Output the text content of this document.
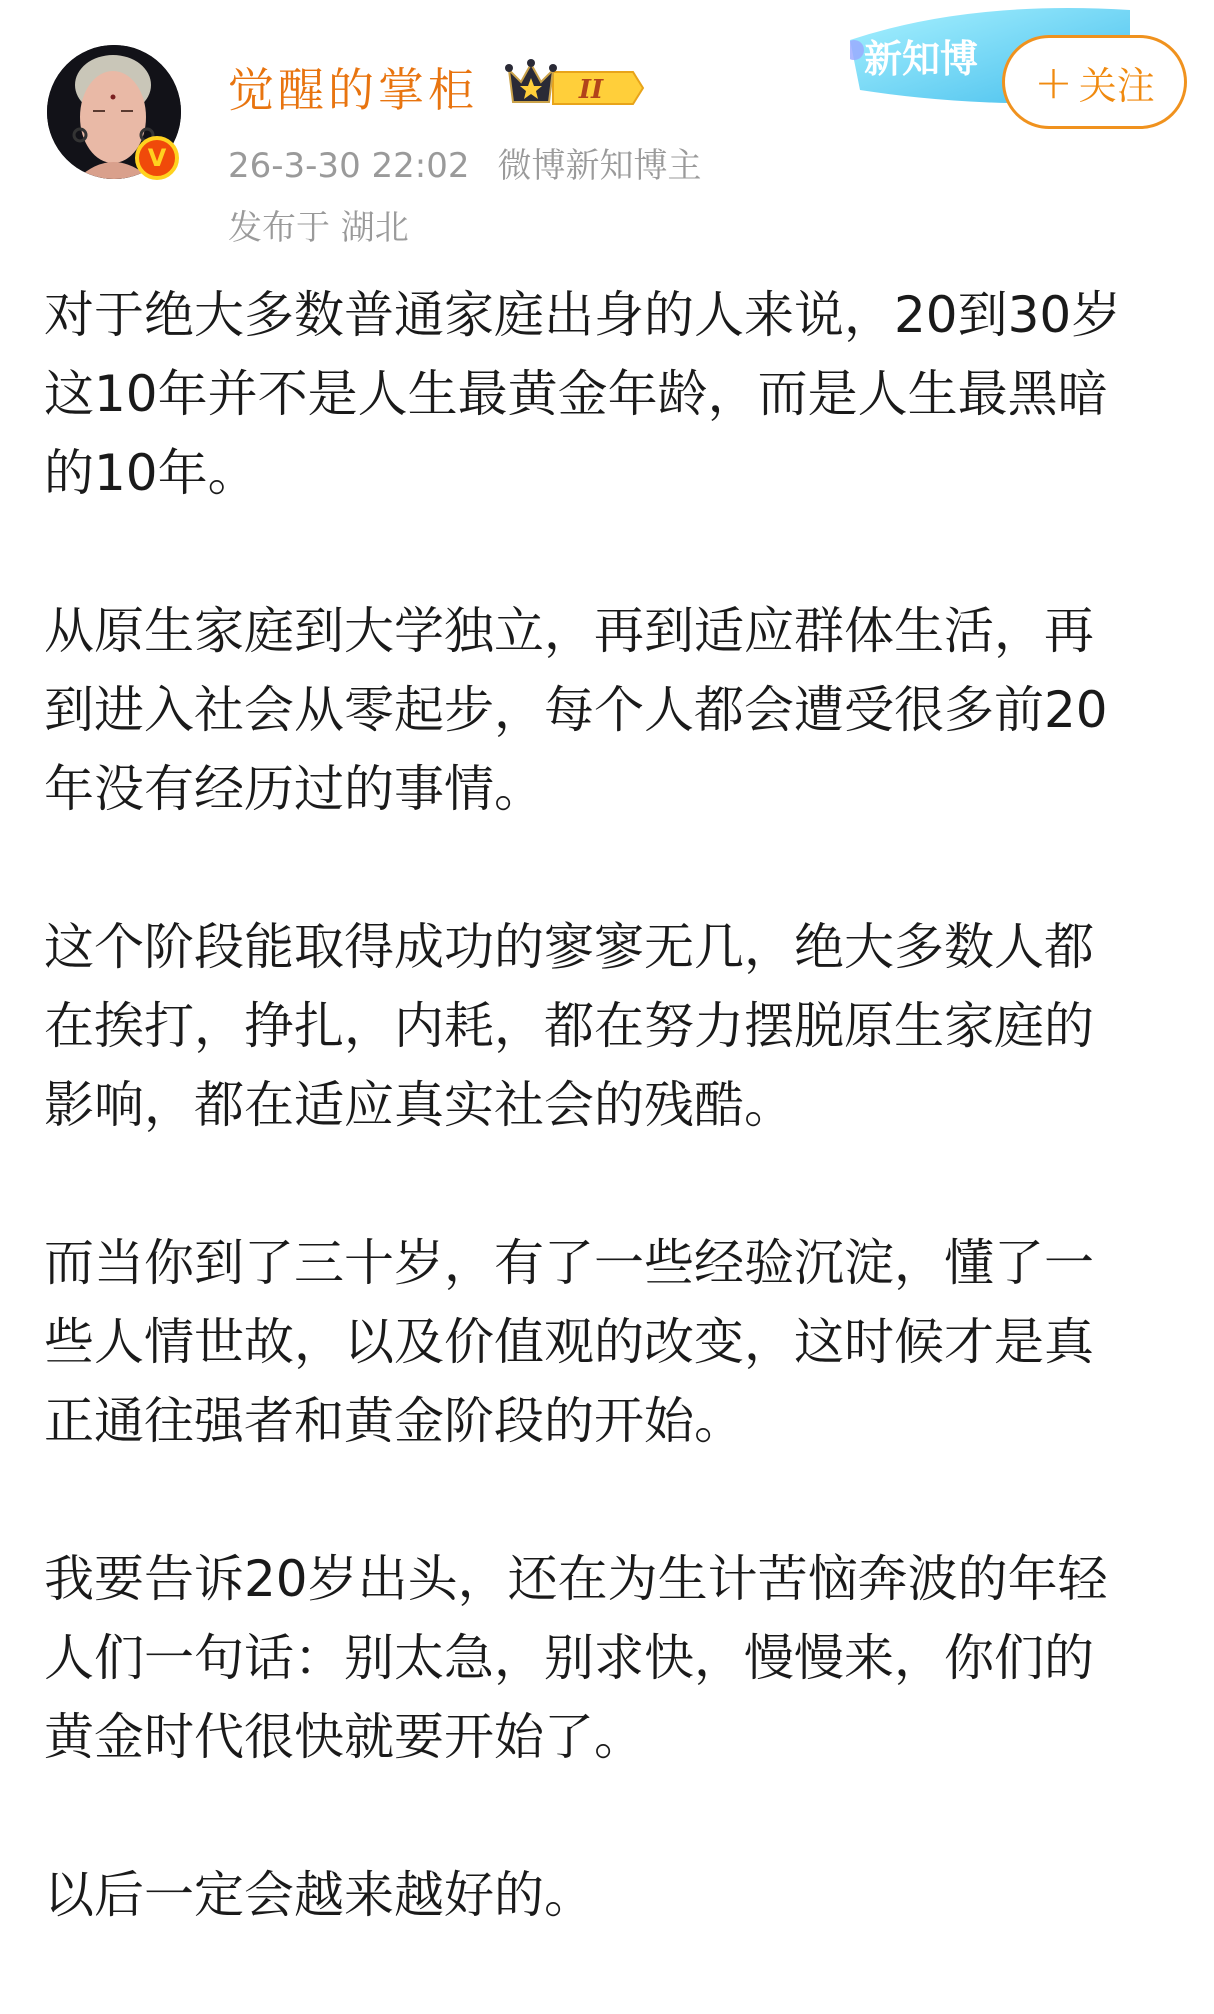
V
觉醒的掌柜	II
26-3-30 22:02 微博新知博主
发布于 湖北
新知博 + 关注
对于绝大多数普通家庭出身的人来说，20到30岁
这10年并不是人生最黄金年龄，而是人生最黑暗
的10年。
从原生家庭到大学独立，再到适应群体生活，再
到进入社会从零起步，每个人都会遭受很多前20
年没有经历过的事情。
这个阶段能取得成功的寥寥无几，绝大多数人都
在挨打，挣扎，内耗，都在努力摆脱原生家庭的
影响，都在适应真实社会的残酷。
而当你到了三十岁，有了一些经验沉淀，懂了一
些人情世故，以及价值观的改变，这时候才是真
正通往强者和黄金阶段的开始。
我要告诉20岁出头，还在为生计苦恼奔波的年轻
人们一句话：别太急，别求快，慢慢来，你们的
黄金时代很快就要开始了。
以后一定会越来越好的。
